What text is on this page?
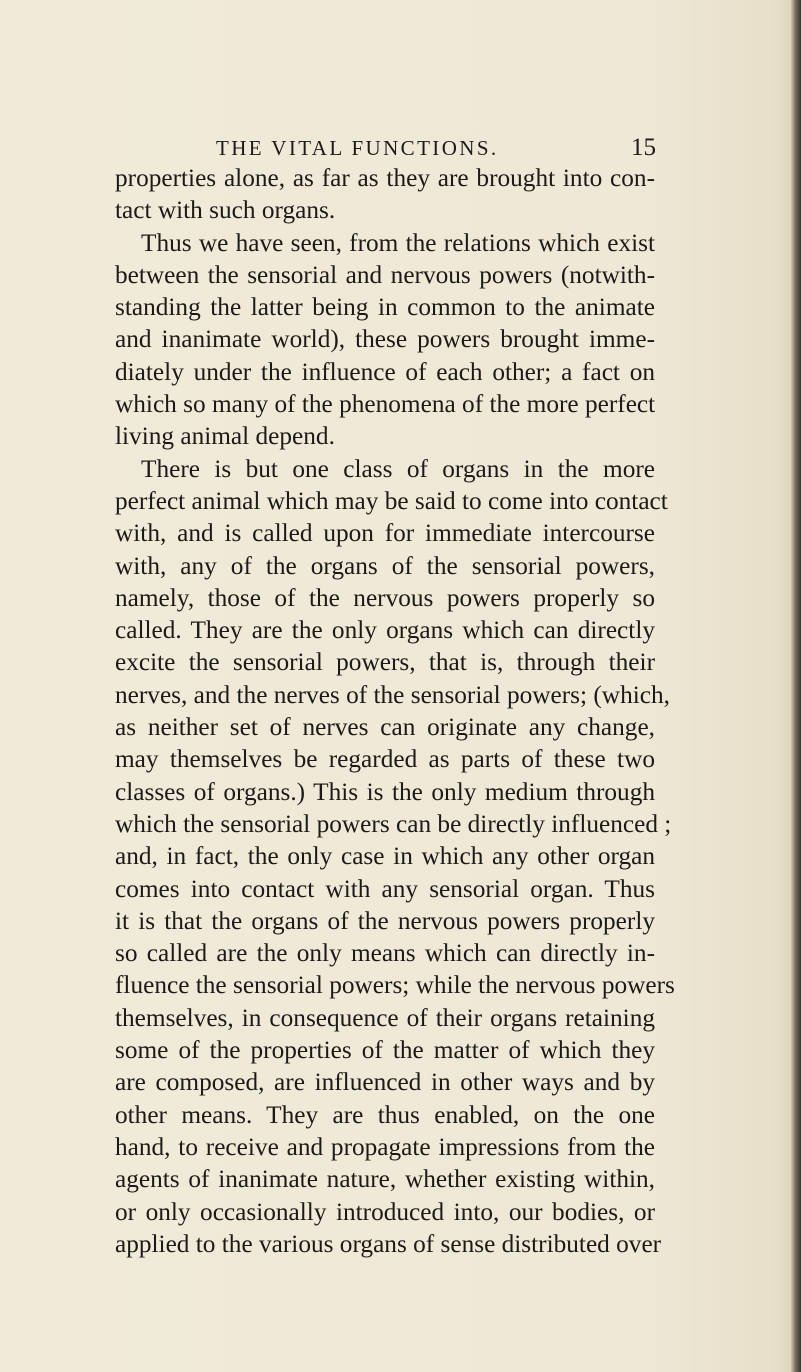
THE VITAL FUNCTIONS.	15
properties alone, as far as they are brought into con-
tact with such organs.
Thus we have seen, from the relations which exist
between the sensorial and nervous powers (notwith-
standing the latter being in common to the animate
and inanimate world), these powers brought imme-
diately under the influence of each other; a fact on
which so many of the phenomena of the more perfect
living animal depend.
There is but one class of organs in the more
perfect animal which may be said to come into contact
with, and is called upon for immediate intercourse
with, any of the organs of the sensorial powers,
namely, those of the nervous powers properly so
called. They are the only organs which can directly
excite the sensorial powers, that is, through their
nerves, and the nerves of the sensorial powers; (which,
as neither set of nerves can originate any change,
may themselves be regarded as parts of these two
classes of organs.) This is the only medium through
which the sensorial powers can be directly influenced ;
and, in fact, the only case in which any other organ
comes into contact with any sensorial organ. Thus
it is that the organs of the nervous powers properly
so called are the only means which can directly in-
fluence the sensorial powers; while the nervous powers
themselves, in consequence of their organs retaining
some of the properties of the matter of which they
are composed, are influenced in other ways and by
other means. They are thus enabled, on the one
hand, to receive and propagate impressions from the
agents of inanimate nature, whether existing within,
or only occasionally introduced into, our bodies, or
applied to the various organs of sense distributed over
